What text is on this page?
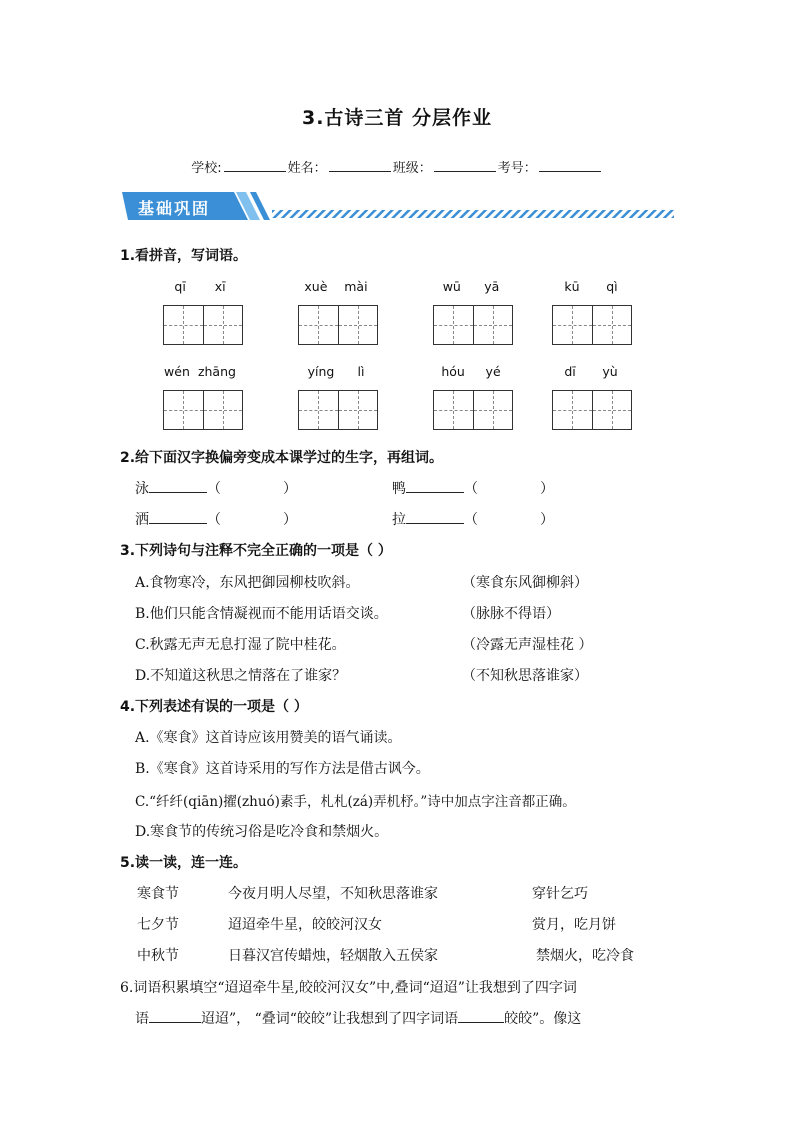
3.古诗三首 分层作业
学校:	姓名：	班级：	考号：
基础巩固
1.看拼音，写词语。
qī xī	xuè mài	wū yā	kū qì
wén zhāng	yíng lì	hóu yé	dī yù
2.给下面汉字换偏旁变成本课学过的生字，再组词。
泳	（	）	鸭	（	）
洒	（	）	拉	（	）
3.下列诗句与注释不完全正确的一项是（ ）
A.食物寒冷，东风把御园柳枝吹斜。	（寒食东风御柳斜）
B.他们只能含情凝视而不能用话语交谈。	（脉脉不得语）
C.秋露无声无息打湿了院中桂花。	（冷露无声湿桂花 ）
D.不知道这秋思之情落在了谁家？	（不知秋思落谁家）
4.下列表述有误的一项是（ ）
A.《寒食》这首诗应该用赞美的语气诵读。
B.《寒食》这首诗采用的写作方法是借古讽今。
C.“纤纤(qiān)擢(zhuó)素手，札札(zá)弄机杼。”诗中加点字注音都正确。
D.寒食节的传统习俗是吃冷食和禁烟火。
5.读一读，连一连。
寒食节	今夜月明人尽望，不知秋思落谁家	穿针乞巧
七夕节	迢迢牵牛星，皎皎河汉女	赏月，吃月饼
中秋节	日暮汉宫传蜡烛，轻烟散入五侯家	禁烟火，吃冷食
6.词语积累填空“迢迢牵牛星,皎皎河汉女”中,叠词“迢迢”让我想到了四字词
语	迢迢”， “叠词“皎皎”让我想到了四字词语	皎皎”。像这
